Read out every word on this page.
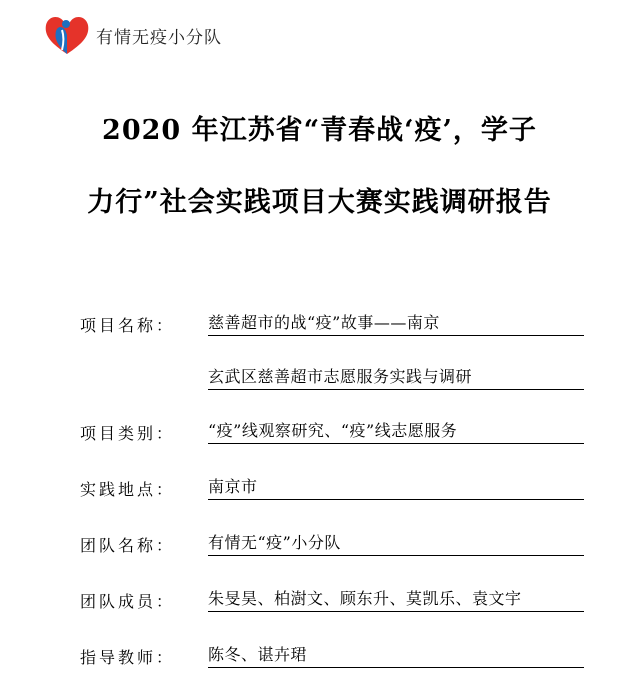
有情无疫小分队
2020 年江苏省“青春战‘疫’，学子
力行”社会实践项目大赛实践调研报告
项目名称：	慈善超市的战“疫”故事——南京
玄武区慈善超市志愿服务实践与调研
项目类别：	“疫”线观察研究、“疫”线志愿服务
实践地点：	南京市
团队名称：	有情无“疫”小分队
团队成员：	朱旻昊、柏澍文、顾东升、莫凯乐、袁文宇
指导教师：	陈冬、谌卉珺
